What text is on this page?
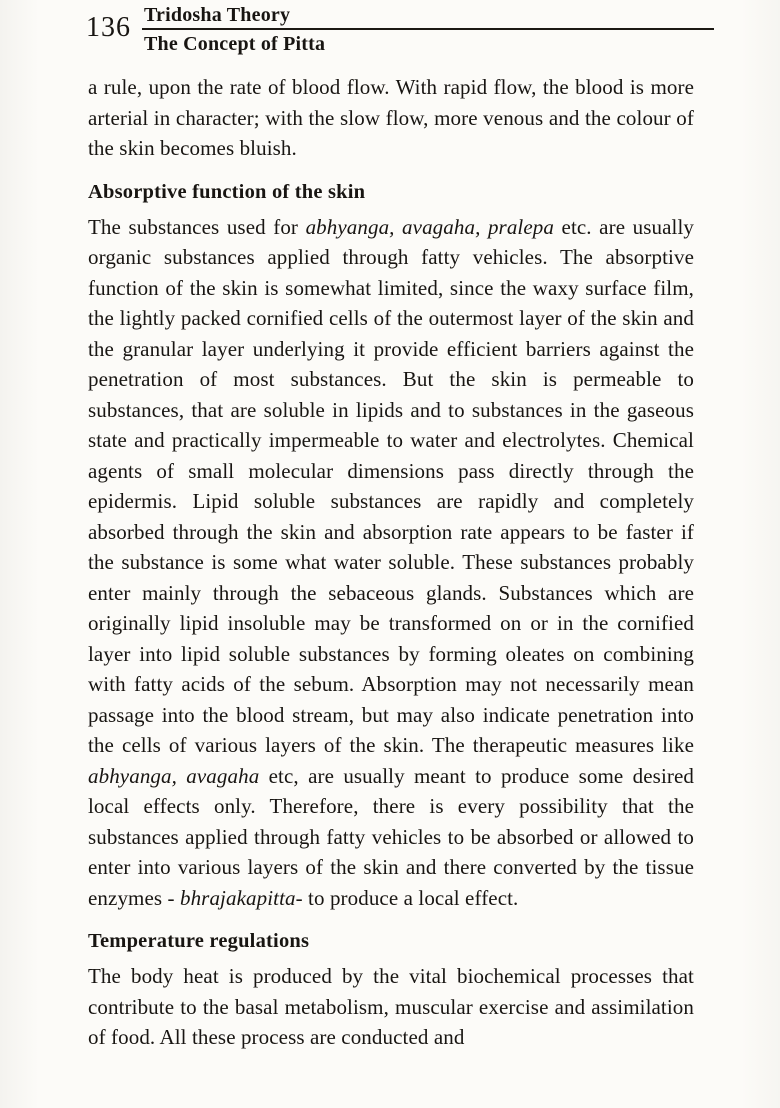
136 Tridosha Theory
The Concept of Pitta

a rule, upon the rate of blood flow. With rapid flow, the blood is more arterial in character; with the slow flow, more venous and the colour of the skin becomes bluish.

Absorptive function of the skin

The substances used for abhyanga, avagaha, pralepa etc. are usually organic substances applied through fatty vehicles. The absorptive function of the skin is somewhat limited, since the waxy surface film, the lightly packed cornified cells of the outermost layer of the skin and the granular layer underlying it provide efficient barriers against the penetration of most substances. But the skin is permeable to substances, that are soluble in lipids and to substances in the gaseous state and practically impermeable to water and electrolytes. Chemical agents of small molecular dimensions pass directly through the epidermis. Lipid soluble substances are rapidly and completely absorbed through the skin and absorption rate appears to be faster if the substance is some what water soluble. These substances probably enter mainly through the sebaceous glands. Substances which are originally lipid insoluble may be transformed on or in the cornified layer into lipid soluble substances by forming oleates on combining with fatty acids of the sebum. Absorption may not necessarily mean passage into the blood stream, but may also indicate penetration into the cells of various layers of the skin. The therapeutic measures like abhyanga, avagaha etc, are usually meant to produce some desired local effects only. Therefore, there is every possibility that the substances applied through fatty vehicles to be absorbed or allowed to enter into various layers of the skin and there converted by the tissue enzymes - bhrajakapitta- to produce a local effect.

Temperature regulations

The body heat is produced by the vital biochemical processes that contribute to the basal metabolism, muscular exercise and assimilation of food. All these process are conducted and
